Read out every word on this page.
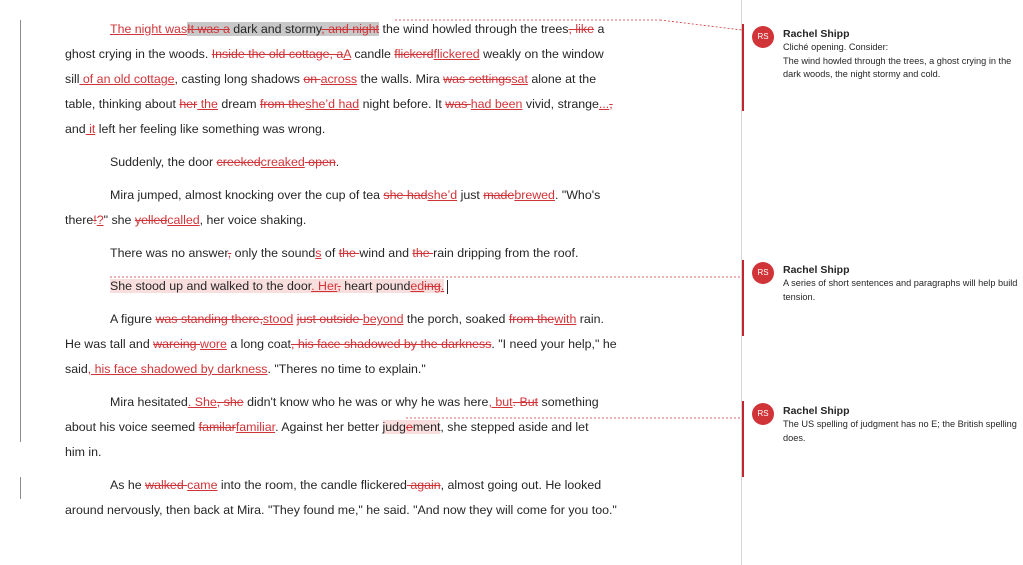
The night wasIt was a dark and stormy, and night the wind howled through the trees, like a
ghost crying in the woods. Inside the old cottage, aA candle flickerdflickered weakly on the window
sill of an old cottage, casting long shadows on across the walls. Mira was settingssat alone at the
table, thinking about her the dream from theshe’d had night before. It was had been vivid, strange...,
and it left her feeling like something was wrong.
Suddenly, the door creekedcreaked open.
Mira jumped, almost knocking over the cup of tea she hadshe’d just madebrewed. "Who's
there!?" she yelledcalled, her voice shaking.
There was no answer, only the sounds of the wind and the rain dripping from the roof.
She stood up and walked to the door. Her, heart poundeding.
A figure was standing there,stood just outside beyond the porch, soaked from thewith rain.
He was tall and wareing wore a long coat, his face shadowed by the darkness. "I need your help," he
said, his face shadowed by darkness. "Theres no time to explain."
Mira hesitated. She, she didn't know who he was or why he was here, but. But something
about his voice seemed familarfamiliar. Against her better judgement, she stepped aside and let
him in.
As he walked came into the room, the candle flickered again, almost going out. He looked
around nervously, then back at Mira. "They found me," he said. "And now they will come for you too."
RS	Rachel Shipp
Cliché opening. Consider:
The wind howled through the trees, a ghost crying in the dark woods, the night stormy and cold.
RS	Rachel Shipp
A series of short sentences and paragraphs will help build tension.
RS	Rachel Shipp
The US spelling of judgment has no E; the British spelling does.
